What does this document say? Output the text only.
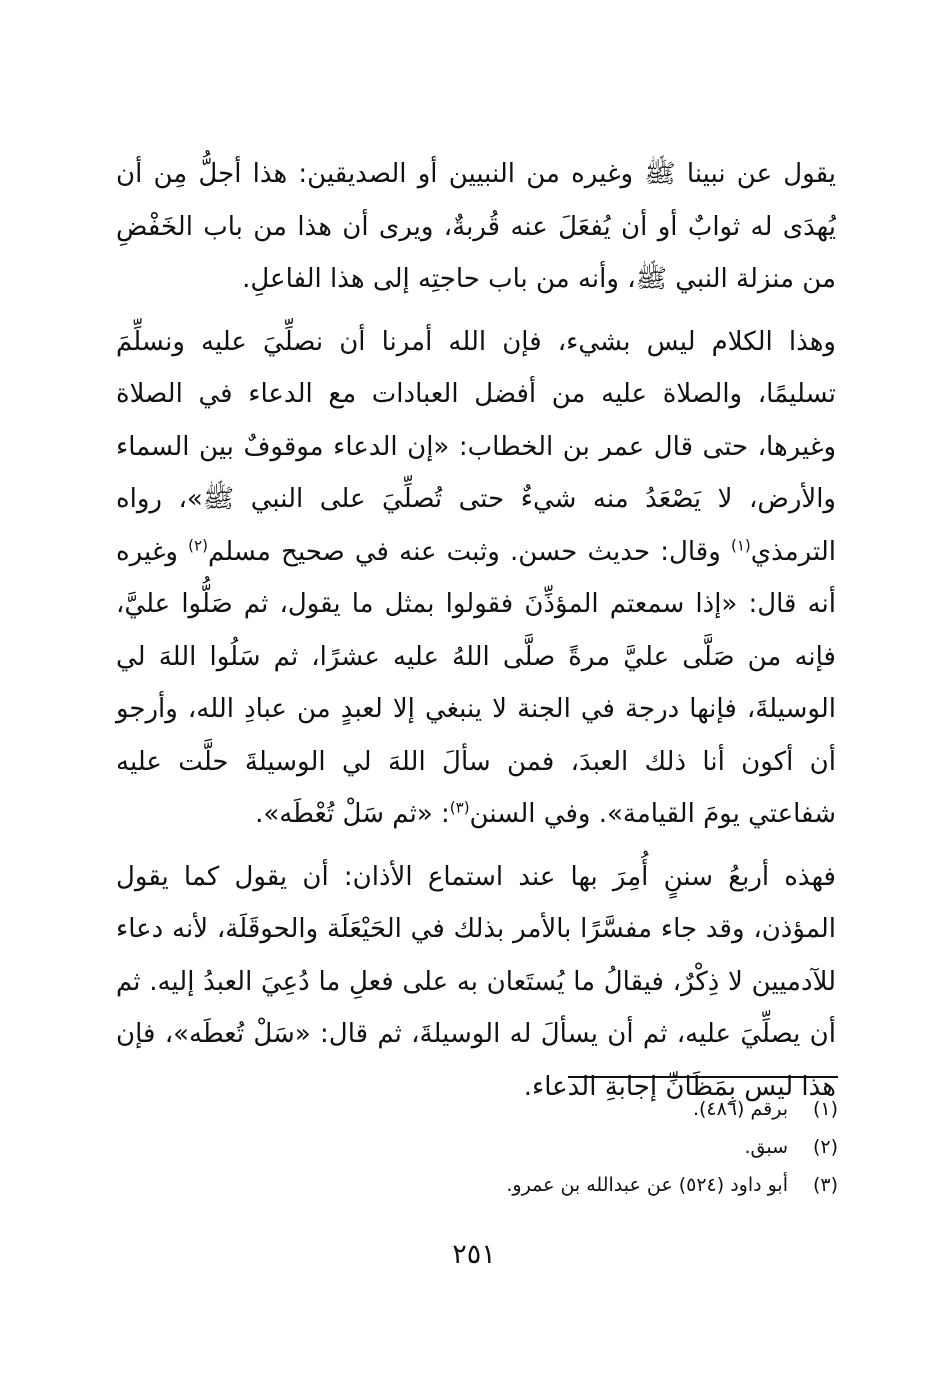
يقول عن نبينا ﷺ وغيره من النبيين أو الصديقين: هذا أجلُّ مِن أن يُهدَى له ثوابٌ أو أن يُفعَلَ عنه قُربةٌ، ويرى أن هذا من باب الخَفْضِ من منزلة النبي ﷺ، وأنه من باب حاجتِه إلى هذا الفاعلِ.

وهذا الكلام ليس بشيء، فإن الله أمرنا أن نصلِّيَ عليه ونسلِّمَ تسليمًا، والصلاة عليه من أفضل العبادات مع الدعاء في الصلاة وغيرها، حتى قال عمر بن الخطاب: «إن الدعاء موقوفٌ بين السماء والأرض، لا يَصْعَدُ منه شيءٌ حتى تُصلِّيَ على النبي ﷺ»، رواه الترمذي$^{(١)}$ وقال: حديث حسن. وثبت عنه في صحيح مسلم$^{(٢)}$ وغيره أنه قال: «إذا سمعتم المؤذِّنَ فقولوا بمثل ما يقول، ثم صَلُّوا عليَّ، فإنه من صَلَّى عليَّ مرةً صلَّى اللهُ عليه عشرًا، ثم سَلُوا اللهَ لي الوسيلةَ، فإنها درجة في الجنة لا ينبغي إلا لعبدٍ من عبادِ الله، وأرجو أن أكون أنا ذلك العبدَ، فمن سألَ اللهَ لي الوسيلةَ حلَّت عليه شفاعتي يومَ القيامة». وفي السنن$^{(٣)}$: «ثم سَلْ تُعْطَه».

فهذه أربعُ سننٍ أُمِرَ بها عند استماع الأذان: أن يقول كما يقول المؤذن، وقد جاء مفسَّرًا بالأمر بذلك في الحَيْعَلَة والحوقَلَة، لأنه دعاء للآدميين لا ذِكْرٌ، فيقالُ ما يُستَعان به على فعلِ ما دُعِيَ العبدُ إليه. ثم أن يصلِّيَ عليه، ثم أن يسألَ له الوسيلةَ، ثم قال: «سَلْ تُعطَه»، فإن هذا ليس بِمَظَانِّ إجابةِ الدعاء.

(١)برقم (٤٨٦).
(٢)سبق.
(٣)أبو داود (٥٢٤) عن عبدالله بن عمرو.
٢٥١
